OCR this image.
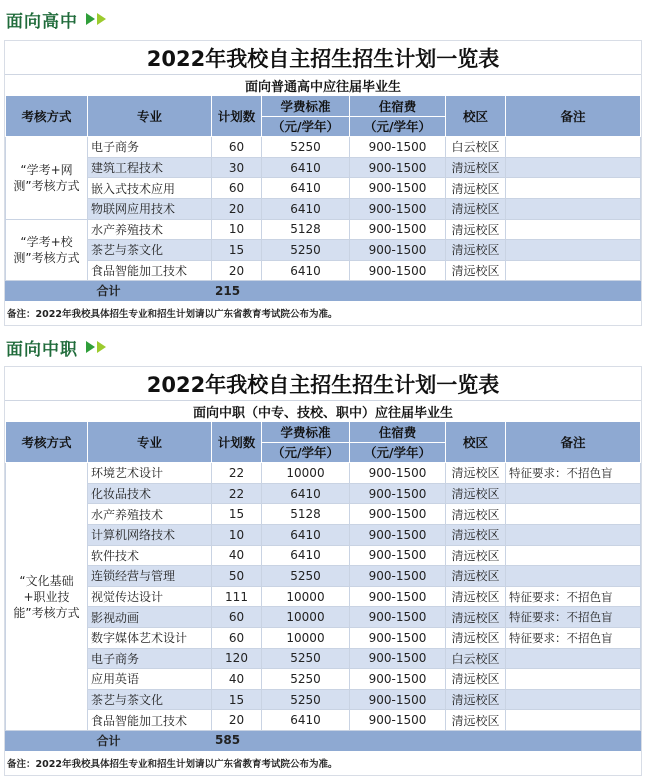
面向高中
2022年我校自主招生招生计划一览表
面向普通高中应往届毕业生
考核方式	专业	计划数	学费标准	住宿费	校区	备注
			（元/学年）	（元/学年）		
“学考+网测”考核方式	电子商务	60	5250	900-1500	白云校区	
	建筑工程技术	30	6410	900-1500	清远校区	
	嵌入式技术应用	60	6410	900-1500	清远校区	
	物联网应用技术	20	6410	900-1500	清远校区	
“学考+校测”考核方式	水产养殖技术	10	5128	900-1500	清远校区	
	茶艺与茶文化	15	5250	900-1500	清远校区	
	食品智能加工技术	20	6410	900-1500	清远校区	
合计		215				
备注：2022年我校具体招生专业和招生计划请以广东省教育考试院公布为准。
面向中职
2022年我校自主招生招生计划一览表
面向中职（中专、技校、职中）应往届毕业生
考核方式	专业	计划数	学费标准	住宿费	校区	备注
			（元/学年）	（元/学年）		
“文化基础+职业技能”考核方式	环境艺术设计	22	10000	900-1500	清远校区	特征要求：不招色盲
	化妆品技术	22	6410	900-1500	清远校区	
	水产养殖技术	15	5128	900-1500	清远校区	
	计算机网络技术	10	6410	900-1500	清远校区	
	软件技术	40	6410	900-1500	清远校区	
	连锁经营与管理	50	5250	900-1500	清远校区	
	视觉传达设计	111	10000	900-1500	清远校区	特征要求：不招色盲
	影视动画	60	10000	900-1500	清远校区	特征要求：不招色盲
	数字媒体艺术设计	60	10000	900-1500	清远校区	特征要求：不招色盲
	电子商务	120	5250	900-1500	白云校区	
	应用英语	40	5250	900-1500	清远校区	
	茶艺与茶文化	15	5250	900-1500	清远校区	
	食品智能加工技术	20	6410	900-1500	清远校区	
合计		585				
备注：2022年我校具体招生专业和招生计划请以广东省教育考试院公布为准。
